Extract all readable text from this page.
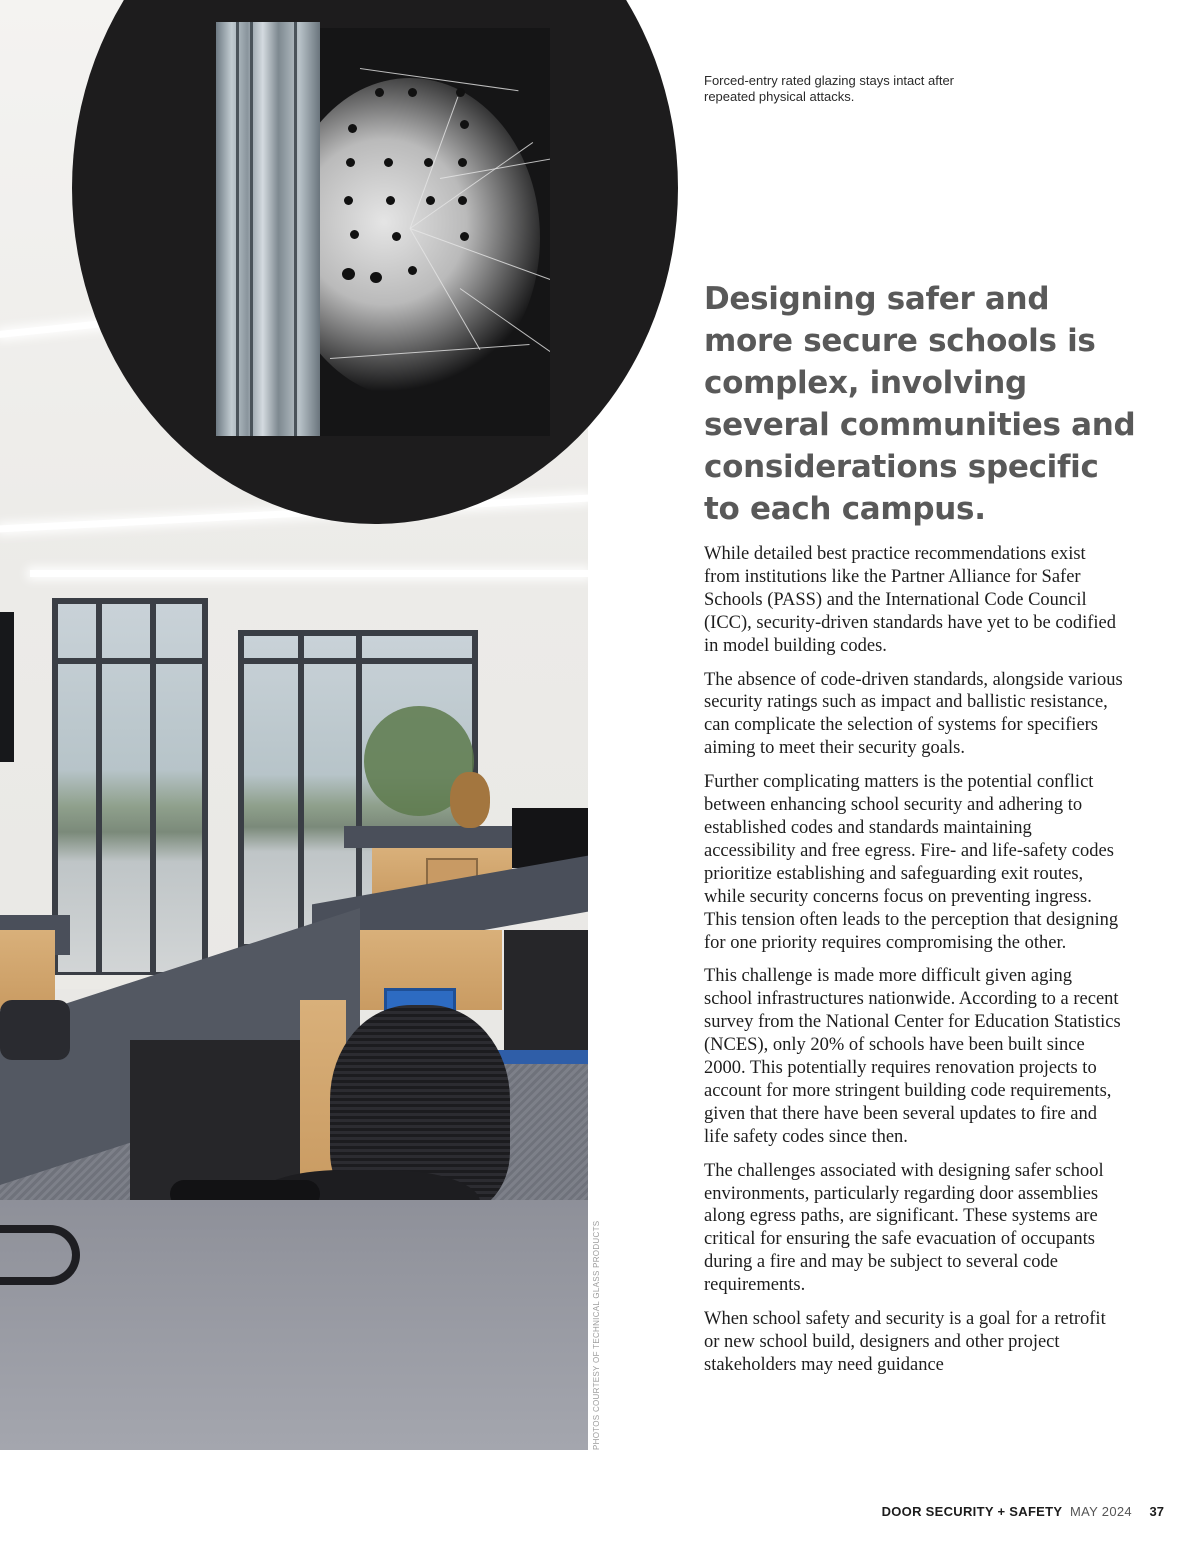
PHOTOS COURTESY OF TECHNICAL GLASS PRODUCTS
Forced-entry rated glazing stays intact after repeated physical attacks.
Designing safer and more secure schools is complex, involving several communities and considerations specific to each campus.

While detailed best practice recommendations exist from institutions like the Partner Alliance for Safer Schools (PASS) and the International Code Council (ICC), security-driven standards have yet to be codified in model building codes.

The absence of code-driven standards, alongside various security ratings such as impact and ballistic resistance, can complicate the selection of systems for specifiers aiming to meet their security goals.

Further complicating matters is the potential conflict between enhancing school security and adhering to established codes and standards maintaining accessibility and free egress. Fire- and life-safety codes prioritize establishing and safeguarding exit routes, while security concerns focus on preventing ingress. This tension often leads to the perception that designing for one priority requires compromising the other.

This challenge is made more difficult given aging school infrastructures nationwide. According to a recent survey from the National Center for Education Statistics (NCES), only 20% of schools have been built since 2000. This potentially requires renovation projects to account for more stringent building code requirements, given that there have been several updates to fire and life safety codes since then.

The challenges associated with designing safer school environments, particularly regarding door assemblies along egress paths, are significant. These systems are critical for ensuring the safe evacuation of occupants during a fire and may be subject to several code requirements.

When school safety and security is a goal for a retrofit or new school build, designers and other project stakeholders may need guidance

DOOR SECURITY + SAFETY MAY 2024 37
